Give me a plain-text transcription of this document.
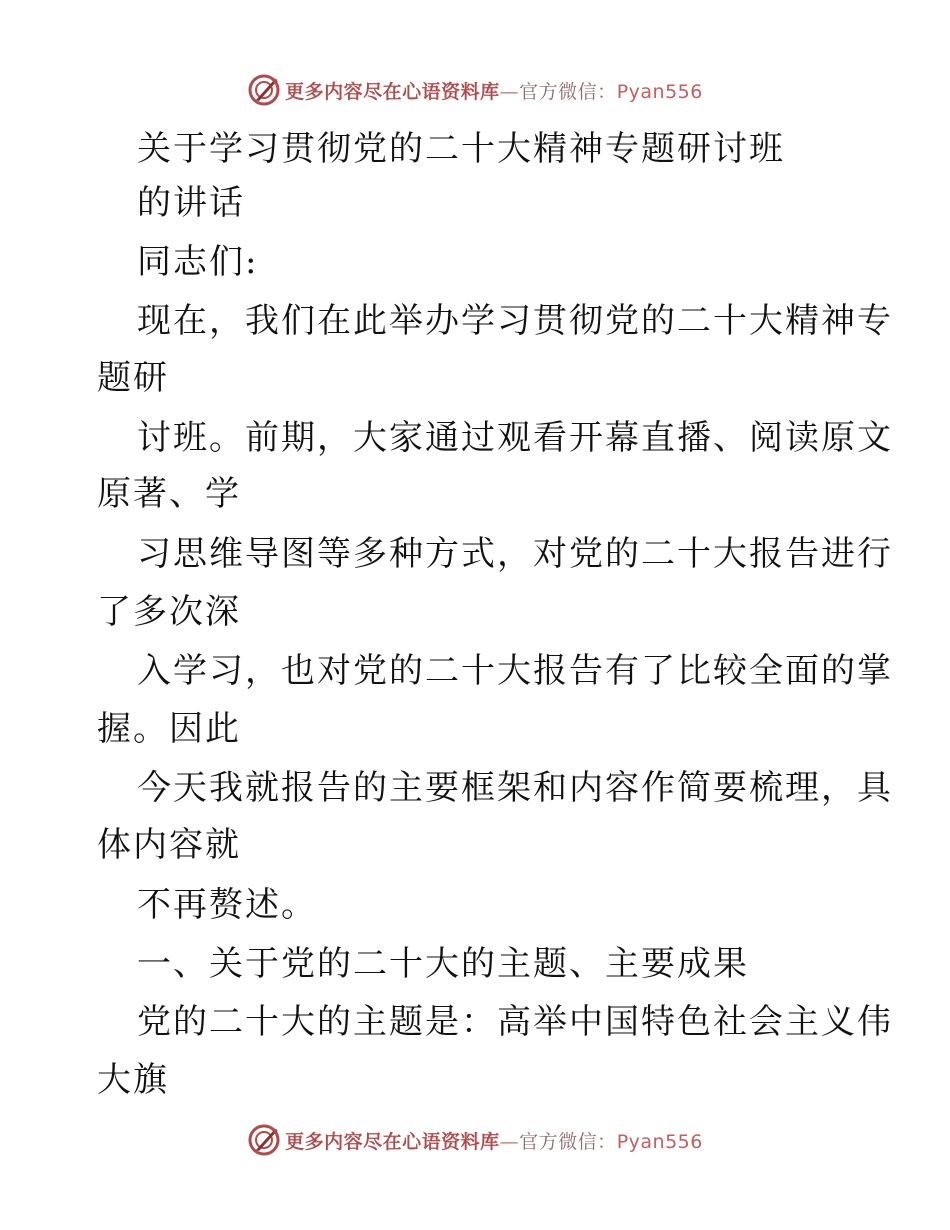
更多内容尽在心语资料库—官方微信：Pyan556
关于学习贯彻党的二十大精神专题研讨班
的讲话
同志们:
现在，我们在此举办学习贯彻党的二十大精神专
题研
讨班。前期，大家通过观看开幕直播、阅读原文
原著、学
习思维导图等多种方式，对党的二十大报告进行
了多次深
入学习，也对党的二十大报告有了比较全面的掌
握。因此
今天我就报告的主要框架和内容作简要梳理，具
体内容就
不再赘述。
一、关于党的二十大的主题、主要成果
党的二十大的主题是：高举中国特色社会主义伟
大旗
更多内容尽在心语资料库—官方微信：Pyan556
